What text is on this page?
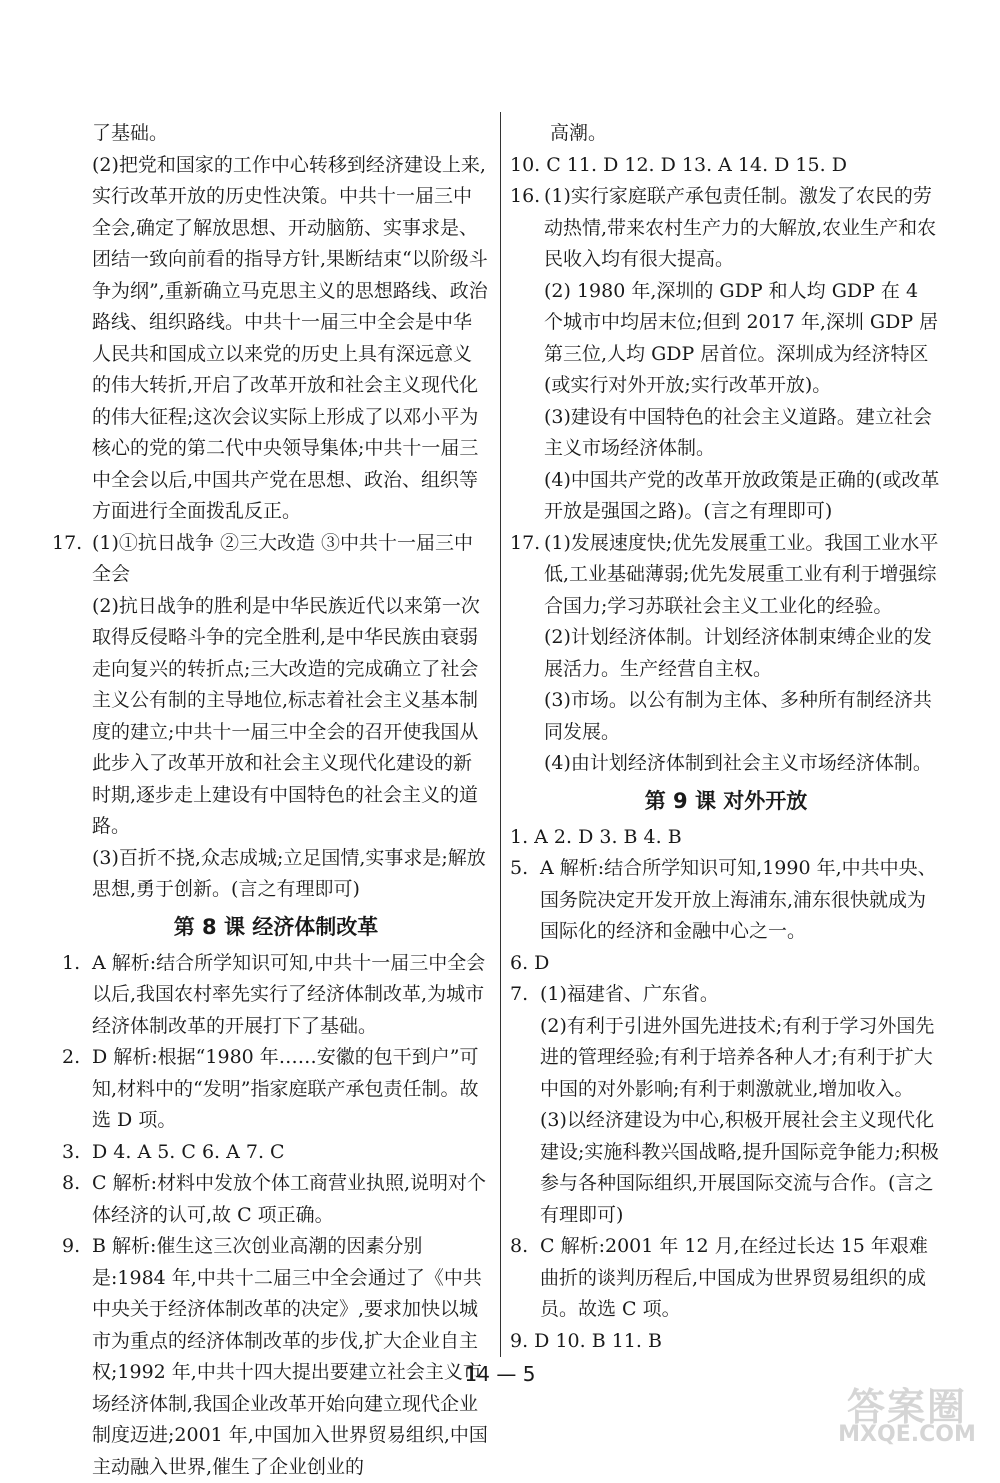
了基础。

(2)把党和国家的工作中心转移到经济建设上来,实行改革开放的历史性决策。中共十一届三中全会,确定了解放思想、开动脑筋、实事求是、团结一致向前看的指导方针,果断结束“以阶级斗争为纲”,重新确立马克思主义的思想路线、政治路线、组织路线。中共十一届三中全会是中华人民共和国成立以来党的历史上具有深远意义的伟大转折,开启了改革开放和社会主义现代化的伟大征程;这次会议实际上形成了以邓小平为核心的党的第二代中央领导集体;中共十一届三中全会以后,中国共产党在思想、政治、组织等方面进行全面拨乱反正。

17. (1)①抗日战争 ②三大改造 ③中共十一届三中全会

(2)抗日战争的胜利是中华民族近代以来第一次取得反侵略斗争的完全胜利,是中华民族由衰弱走向复兴的转折点;三大改造的完成确立了社会主义公有制的主导地位,标志着社会主义基本制度的建立;中共十一届三中全会的召开使我国从此步入了改革开放和社会主义现代化建设的新时期,逐步走上建设有中国特色的社会主义的道路。

(3)百折不挠,众志成城;立足国情,实事求是;解放思想,勇于创新。(言之有理即可)

第 8 课 经济体制改革
1. A 解析:结合所学知识可知,中共十一届三中全会以后,我国农村率先实行了经济体制改革,为城市经济体制改革的开展打下了基础。

2. D 解析:根据“1980 年……安徽的包干到户”可知,材料中的“发明”指家庭联产承包责任制。故选 D 项。

3. D 4. A 5. C 6. A 7. C

8. C 解析:材料中发放个体工商营业执照,说明对个体经济的认可,故 C 项正确。

9. B 解析:催生这三次创业高潮的因素分别是:1984 年,中共十二届三中全会通过了《中共中央关于经济体制改革的决定》,要求加快以城市为重点的经济体制改革的步伐,扩大企业自主权;1992 年,中共十四大提出要建立社会主义市场经济体制,我国企业改革开始向建立现代企业制度迈进;2001 年,中国加入世界贸易组织,中国主动融入世界,催生了企业创业的

高潮。

10. C 11. D 12. D 13. A 14. D 15. D

16. (1)实行家庭联产承包责任制。激发了农民的劳动热情,带来农村生产力的大解放,农业生产和农民收入均有很大提高。

(2) 1980 年,深圳的 GDP 和人均 GDP 在 4 个城市中均居末位;但到 2017 年,深圳 GDP 居第三位,人均 GDP 居首位。深圳成为经济特区(或实行对外开放;实行改革开放)。

(3)建设有中国特色的社会主义道路。建立社会主义市场经济体制。

(4)中国共产党的改革开放政策是正确的(或改革开放是强国之路)。(言之有理即可)

17. (1)发展速度快;优先发展重工业。我国工业水平低,工业基础薄弱;优先发展重工业有利于增强综合国力;学习苏联社会主义工业化的经验。

(2)计划经济体制。计划经济体制束缚企业的发展活力。生产经营自主权。

(3)市场。以公有制为主体、多种所有制经济共同发展。

(4)由计划经济体制到社会主义市场经济体制。

第 9 课 对外开放

1. A 2. D 3. B 4. B

5. A 解析:结合所学知识可知,1990 年,中共中央、国务院决定开发开放上海浦东,浦东很快就成为国际化的经济和金融中心之一。

6. D

7. (1)福建省、广东省。

(2)有利于引进外国先进技术;有利于学习外国先进的管理经验;有利于培养各种人才;有利于扩大中国的对外影响;有利于刺激就业,增加收入。

(3)以经济建设为中心,积极开展社会主义现代化建设;实施科教兴国战略,提升国际竞争能力;积极参与各种国际组织,开展国际交流与合作。(言之有理即可)

8. C 解析:2001 年 12 月,在经过长达 15 年艰难曲折的谈判历程后,中国成为世界贸易组织的成员。故选 C 项。

9. D 10. B 11. B

14 — 5
答案圈
MXQE.COM
